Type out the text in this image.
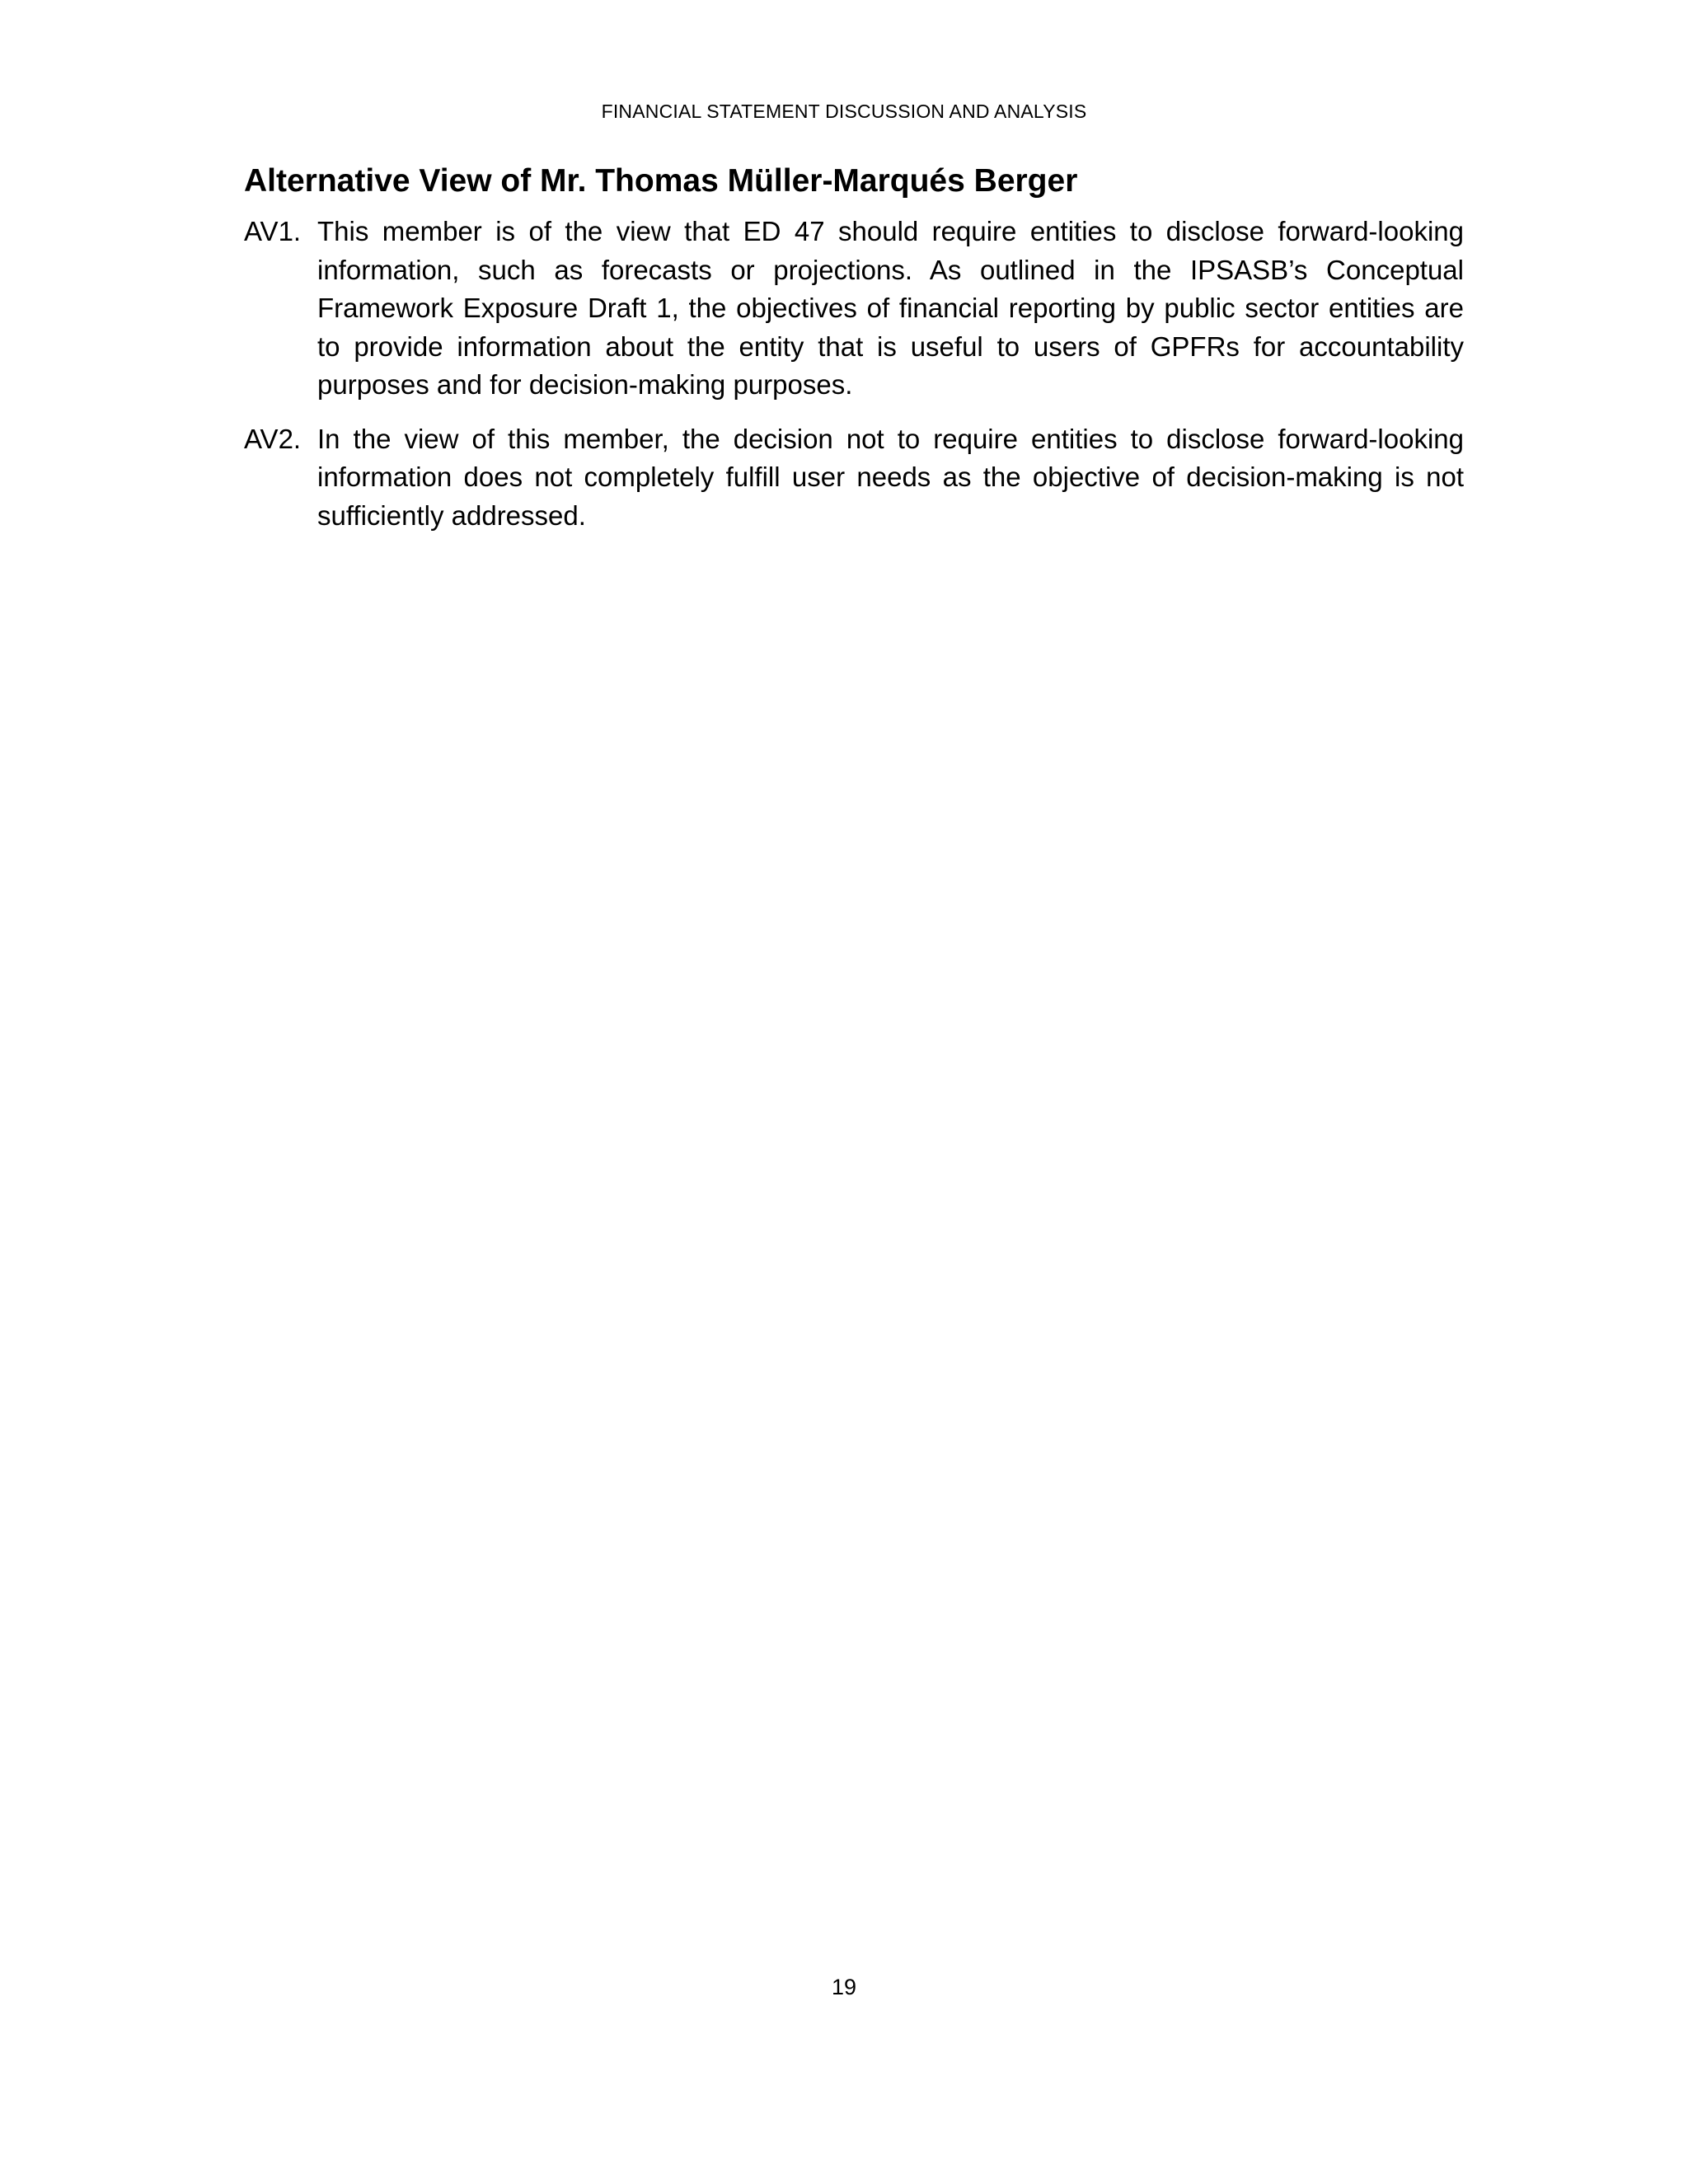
FINANCIAL STATEMENT DISCUSSION AND ANALYSIS
Alternative View of Mr. Thomas Müller-Marqués Berger
AV1. This member is of the view that ED 47 should require entities to disclose forward-looking information, such as forecasts or projections. As outlined in the IPSASB’s Conceptual Framework Exposure Draft 1, the objectives of financial reporting by public sector entities are to provide information about the entity that is useful to users of GPFRs for accountability purposes and for decision-making purposes.
AV2. In the view of this member, the decision not to require entities to disclose forward-looking information does not completely fulfill user needs as the objective of decision-making is not sufficiently addressed.
19
